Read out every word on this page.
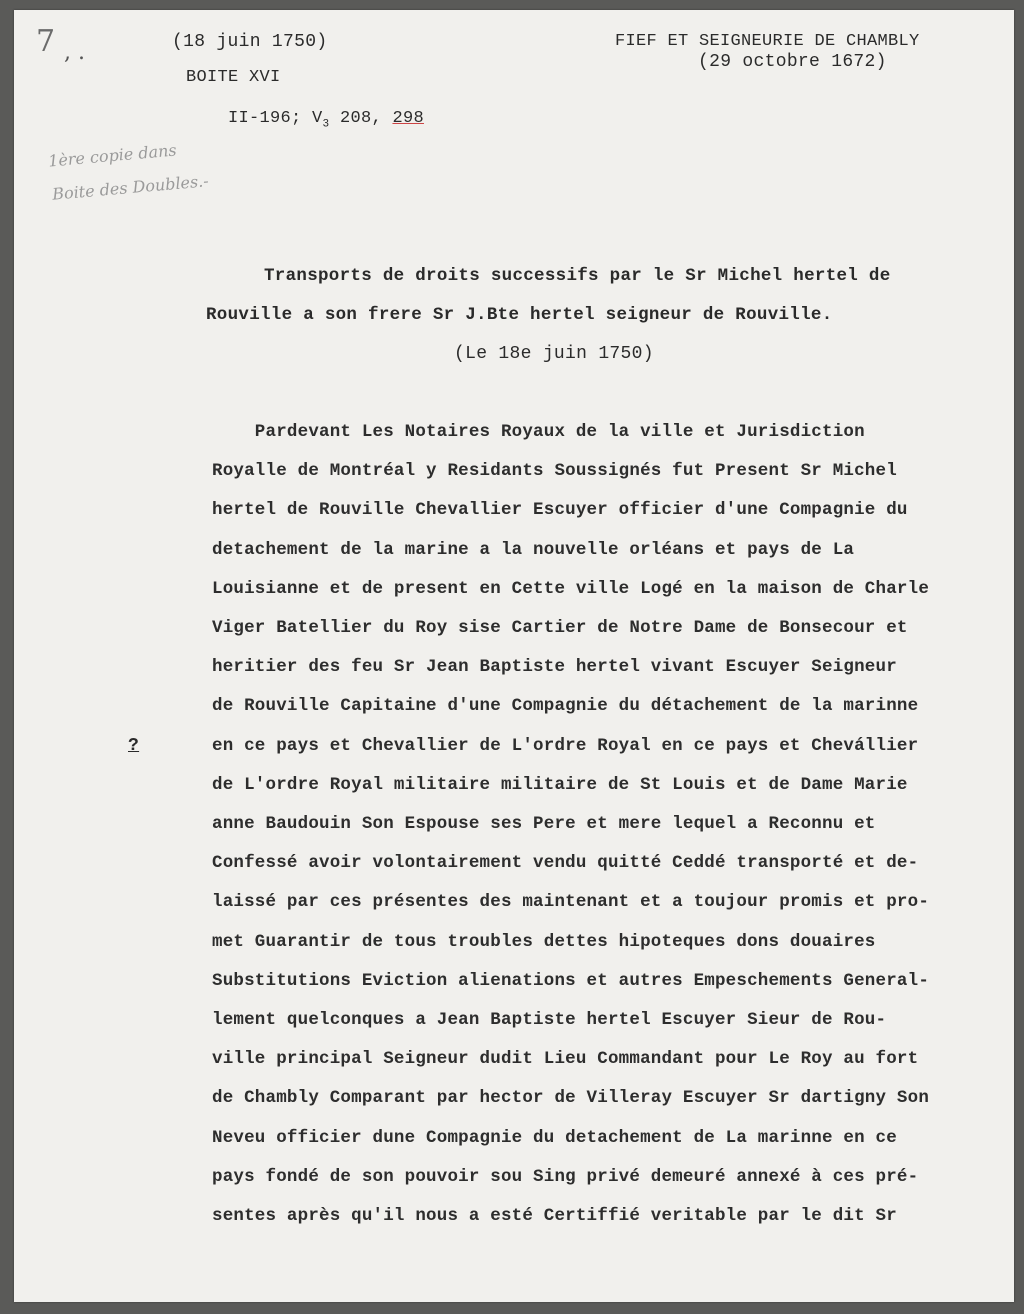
7 , .
1ère copie dans
Boite des Doubles.-
?
(18 juin 1750)
BOITE XVI

II-196; $V_3$ 208, 298

FIEF ET SEIGNEURIE DE CHAMBLY
(29 octobre 1672)
Transports de droits successifs par le Sr Michel hertel de
Rouville a son frere Sr J.Bte hertel seigneur de Rouville.
(Le 18e juin 1750)
Pardevant Les Notaires Royaux de la ville et Jurisdiction
Royalle de Montréal y Residants Soussignés fut Present Sr Michel
hertel de Rouville Chevallier Escuyer officier d'une Compagnie du
detachement de la marine a la nouvelle orléans et pays de La
Louisianne et de present en Cette ville Logé en la maison de Charle
Viger Batellier du Roy sise Cartier de Notre Dame de Bonsecour et
heritier des feu Sr Jean Baptiste hertel vivant Escuyer Seigneur
de Rouville Capitaine d'une Compagnie du détachement de la marinne
en ce pays et Chevallier de L'ordre Royal en ce pays et Chevállier
de L'ordre Royal militaire militaire de St Louis et de Dame Marie
anne Baudouin Son Espouse ses Pere et mere lequel a Reconnu et
Confessé avoir volontairement vendu quitté Ceddé transporté et de-
laissé par ces présentes des maintenant et a toujour promis et pro-
met Guarantir de tous troubles dettes hipoteques dons douaires
Substitutions Eviction alienations et autres Empeschements General-
lement quelconques a Jean Baptiste hertel Escuyer Sieur de Rou-
ville principal Seigneur dudit Lieu Commandant pour Le Roy au fort
de Chambly Comparant par hector de Villeray Escuyer Sr dartigny Son
Neveu officier dune Compagnie du detachement de La marinne en ce
pays fondé de son pouvoir sou Sing privé demeuré annexé à ces pré-
sentes après qu'il nous a esté Certiffié veritable par le dit Sr
